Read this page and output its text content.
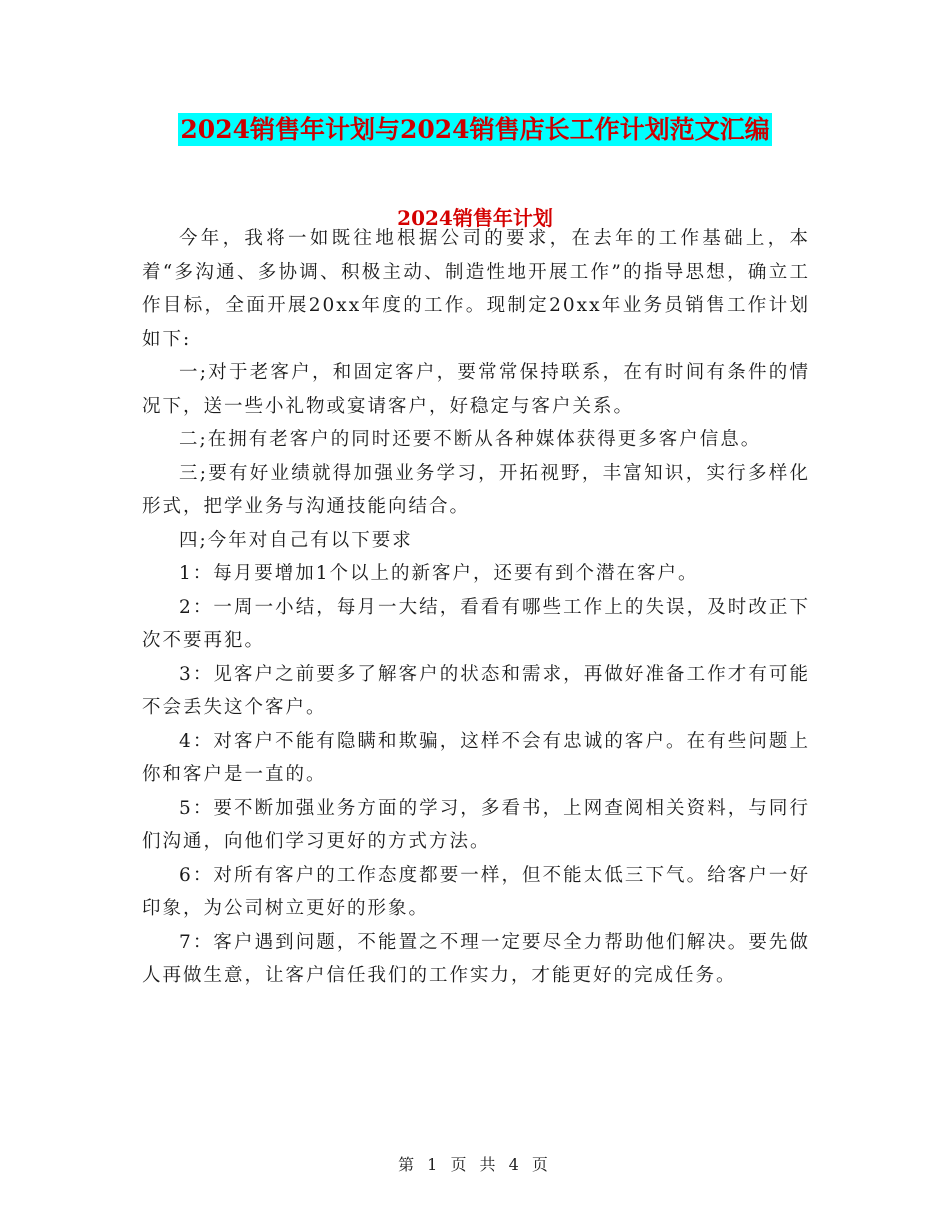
2024销售年计划与2024销售店长工作计划范文汇编
2024销售年计划

今年，我将一如既往地根据公司的要求，在去年的工作基础上，本着“多沟通、多协调、积极主动、制造性地开展工作”的指导思想，确立工作目标，全面开展20xx年度的工作。现制定20xx年业务员销售工作计划如下:

一;对于老客户，和固定客户，要常常保持联系，在有时间有条件的情况下，送一些小礼物或宴请客户，好稳定与客户关系。

二;在拥有老客户的同时还要不断从各种媒体获得更多客户信息。

三;要有好业绩就得加强业务学习，开拓视野，丰富知识，实行多样化形式，把学业务与沟通技能向结合。

四;今年对自己有以下要求

1：每月要增加1个以上的新客户，还要有到个潜在客户。

2：一周一小结，每月一大结，看看有哪些工作上的失误，及时改正下次不要再犯。

3：见客户之前要多了解客户的状态和需求，再做好准备工作才有可能不会丢失这个客户。

4：对客户不能有隐瞒和欺骗，这样不会有忠诚的客户。在有些问题上你和客户是一直的。

5：要不断加强业务方面的学习，多看书，上网查阅相关资料，与同行们沟通，向他们学习更好的方式方法。

6：对所有客户的工作态度都要一样，但不能太低三下气。给客户一好印象，为公司树立更好的形象。

7：客户遇到问题，不能置之不理一定要尽全力帮助他们解决。要先做人再做生意，让客户信任我们的工作实力，才能更好的完成任务。

第 1 页 共 4 页
